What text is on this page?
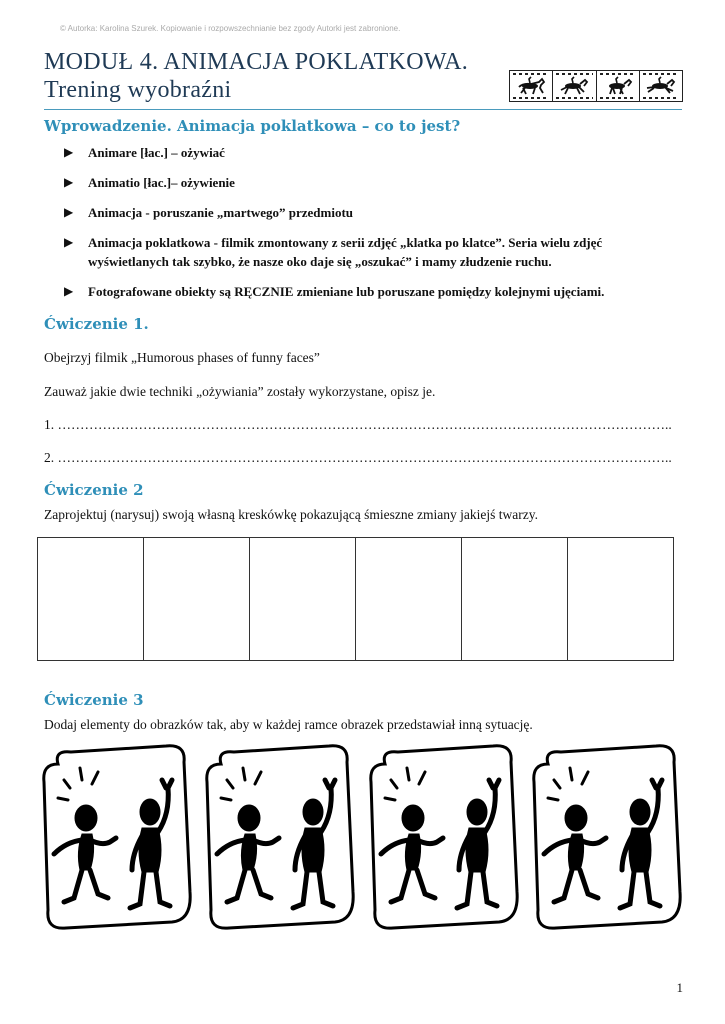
© Autorka: Karolina Szurek. Kopiowanie i rozpowszechnianie bez zgody Autorki jest zabronione.
MODUŁ 4. ANIMACJA POKLATKOWA.
Trening wyobraźni
Wprowadzenie. Animacja poklatkowa – co to jest?
▶ Animare [łac.] – ożywiać
▶ Animatio [łac.]– ożywienie
▶ Animacja - poruszanie „martwego” przedmiotu
▶ Animacja poklatkowa - filmik zmontowany z serii zdjęć „klatka po klatce”. Seria wielu zdjęć wyświetlanych tak szybko, że nasze oko daje się „oszukać” i mamy złudzenie ruchu.
▶ Fotografowane obiekty są RĘCZNIE zmieniane lub poruszane pomiędzy kolejnymi ujęciami.
Ćwiczenie 1.

Obejrzyj filmik „Humorous phases of funny faces”

Zauważ jakie dwie techniki „ożywiania” zostały wykorzystane, opisz je.

1. ………………………………………………………………………………………………………………………..

2. ………………………………………………………………………………………………………………………..

Ćwiczenie 2

Zaprojektuj (narysuj) swoją własną kreskówkę pokazującą śmieszne zmiany jakiejś twarzy.

Ćwiczenie 3

Dodaj elementy do obrazków tak, aby w każdej ramce obrazek przedstawiał inną sytuację.

1
